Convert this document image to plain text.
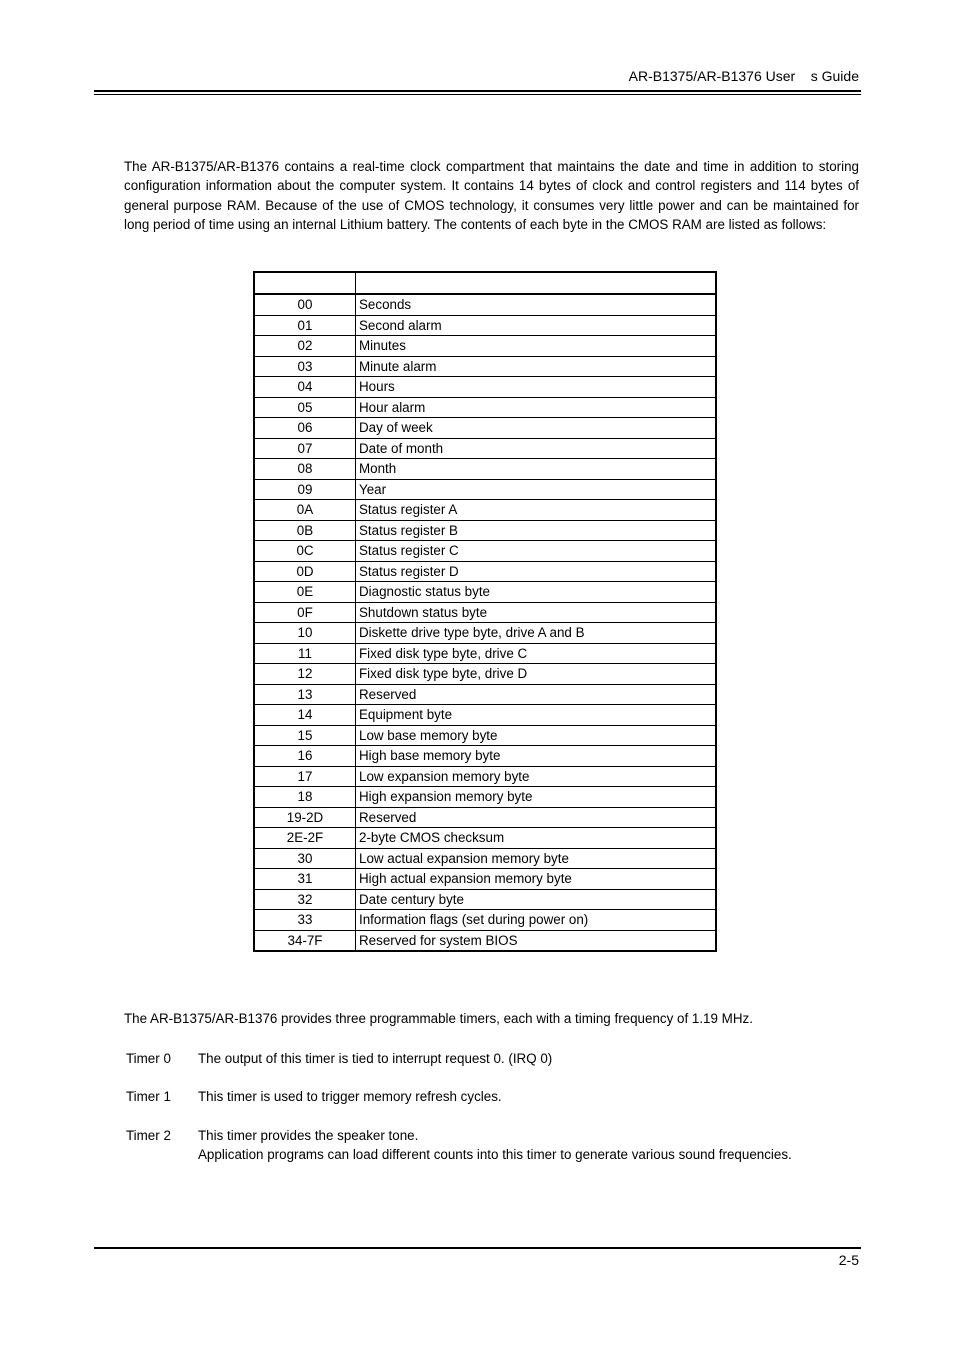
AR-B1375/AR-B1376 User    s Guide

The AR-B1375/AR-B1376 contains a real-time clock compartment that maintains the date and time in addition to storing configuration information about the computer system. It contains 14 bytes of clock and control registers and 114 bytes of general purpose RAM. Because of the use of CMOS technology, it consumes very little power and can be maintained for long period of time using an internal Lithium battery. The contents of each byte in the CMOS RAM are listed as follows:

00	Seconds
01	Second alarm
02	Minutes
03	Minute alarm
04	Hours
05	Hour alarm
06	Day of week
07	Date of month
08	Month
09	Year
0A	Status register A
0B	Status register B
0C	Status register C
0D	Status register D
0E	Diagnostic status byte
0F	Shutdown status byte
10	Diskette drive type byte, drive A and B
11	Fixed disk type byte, drive C
12	Fixed disk type byte, drive D
13	Reserved
14	Equipment byte
15	Low base memory byte
16	High base memory byte
17	Low expansion memory byte
18	High expansion memory byte
19-2D	Reserved
2E-2F	2-byte CMOS checksum
30	Low actual expansion memory byte
31	High actual expansion memory byte
32	Date century byte
33	Information flags (set during power on)
34-7F	Reserved for system BIOS

The AR-B1375/AR-B1376 provides three programmable timers, each with a timing frequency of 1.19 MHz.

Timer 0 The output of this timer is tied to interrupt request 0. (IRQ 0)
Timer 1 This timer is used to trigger memory refresh cycles.
Timer 2 This timer provides the speaker tone.
Application programs can load different counts into this timer to generate various sound frequencies.
2-5
